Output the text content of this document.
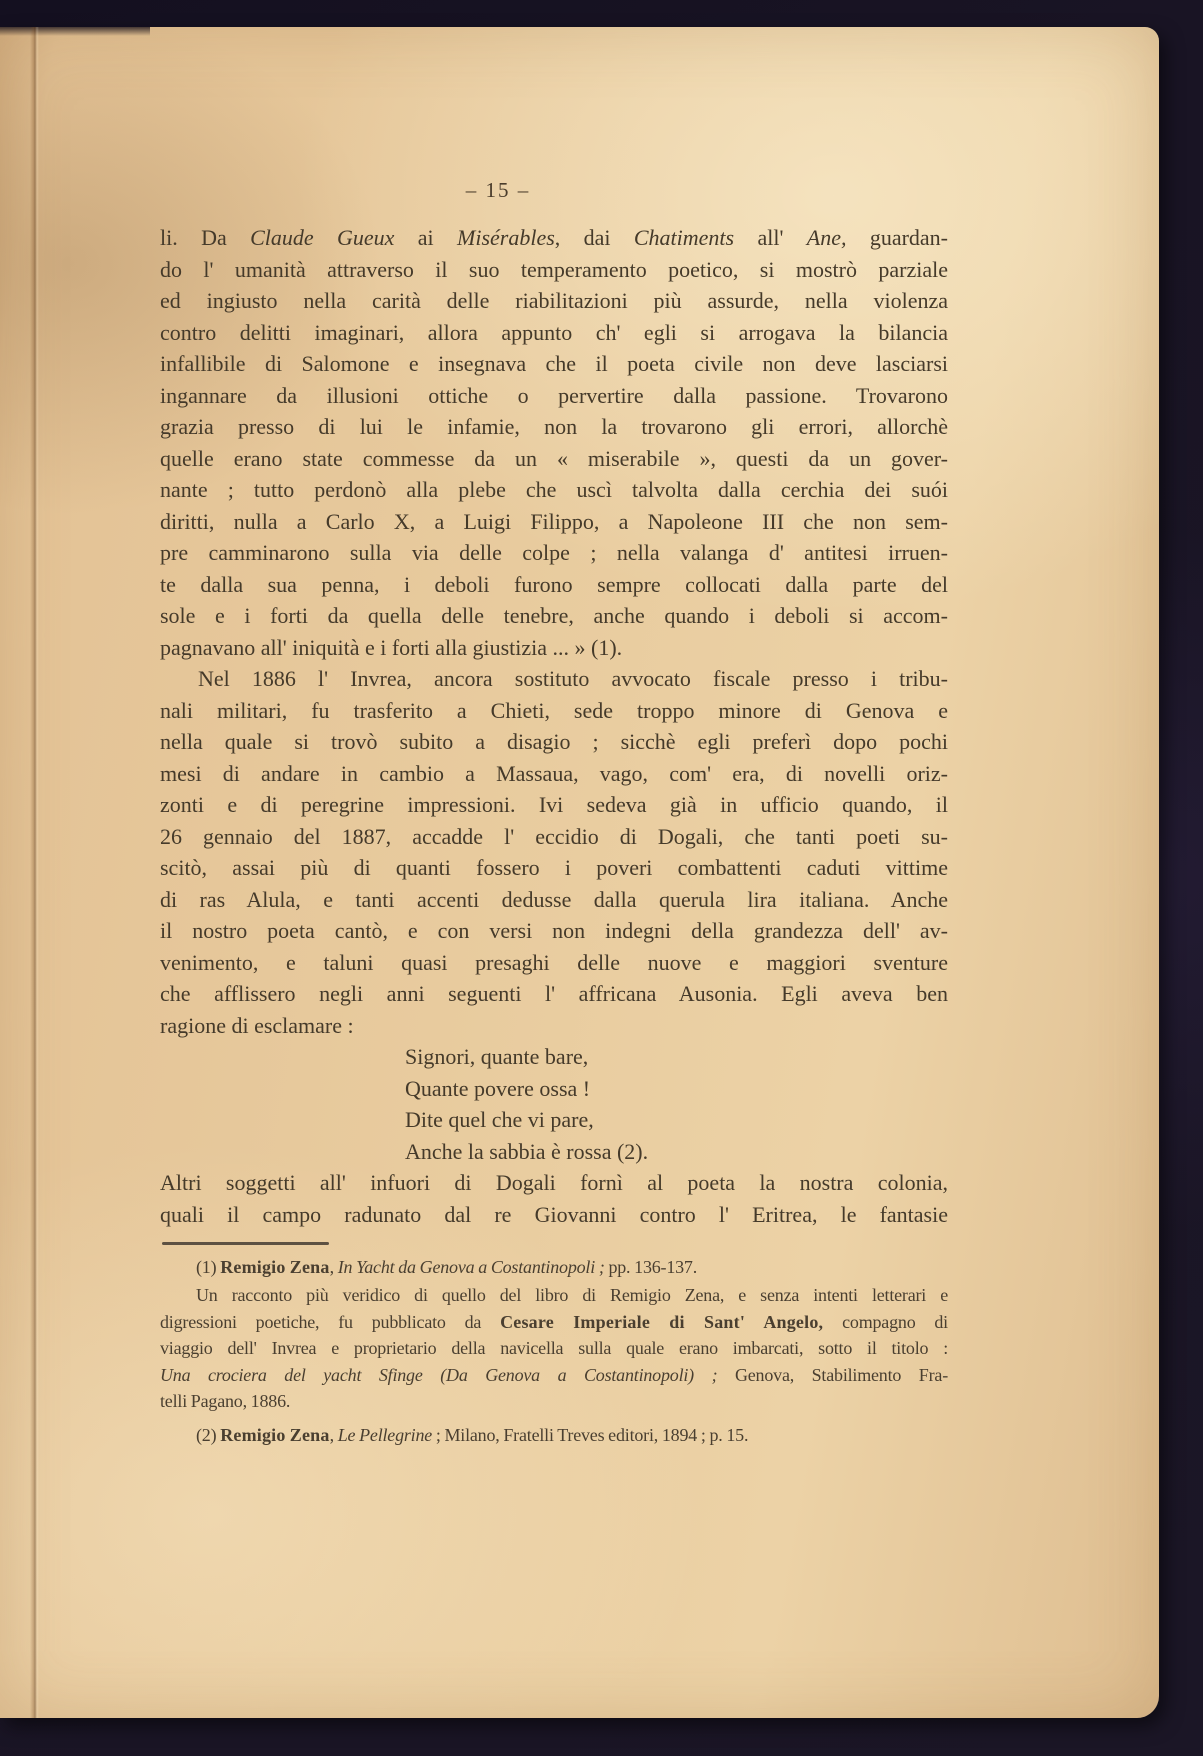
– 15 –
li. Da Claude Gueux ai Misérables, dai Chatiments all' Ane, guardan-
do l' umanità attraverso il suo temperamento poetico, si mostrò parziale
ed ingiusto nella carità delle riabilitazioni più assurde, nella violenza
contro delitti imaginari, allora appunto ch' egli si arrogava la bilancia
infallibile di Salomone e insegnava che il poeta civile non deve lasciarsi
ingannare da illusioni ottiche o pervertire dalla passione. Trovarono
grazia presso di lui le infamie, non la trovarono gli errori, allorchè
quelle erano state commesse da un « miserabile », questi da un gover-
nante ; tutto perdonò alla plebe che uscì talvolta dalla cerchia dei suói
diritti, nulla a Carlo X, a Luigi Filippo, a Napoleone III che non sem-
pre camminarono sulla via delle colpe ; nella valanga d' antitesi irruen-
te dalla sua penna, i deboli furono sempre collocati dalla parte del
sole e i forti da quella delle tenebre, anche quando i deboli si accom-
pagnavano all' iniquità e i forti alla giustizia ... » (1).
Nel 1886 l' Invrea, ancora sostituto avvocato fiscale presso i tribu-
nali militari, fu trasferito a Chieti, sede troppo minore di Genova e
nella quale si trovò subito a disagio ; sicchè egli preferì dopo pochi
mesi di andare in cambio a Massaua, vago, com' era, di novelli oriz-
zonti e di peregrine impressioni. Ivi sedeva già in ufficio quando, il
26 gennaio del 1887, accadde l' eccidio di Dogali, che tanti poeti su-
scitò, assai più di quanti fossero i poveri combattenti caduti vittime
di ras Alula, e tanti accenti dedusse dalla querula lira italiana. Anche
il nostro poeta cantò, e con versi non indegni della grandezza dell' av-
venimento, e taluni quasi presaghi delle nuove e maggiori sventure
che afflissero negli anni seguenti l' affricana Ausonia. Egli aveva ben
ragione di esclamare :
Signori, quante bare,
Quante povere ossa !
Dite quel che vi pare,
Anche la sabbia è rossa (2).
Altri soggetti all' infuori di Dogali fornì al poeta la nostra colonia,
quali il campo radunato dal re Giovanni contro l' Eritrea, le fantasie
(1) Remigio Zena, In Yacht da Genova a Costantinopoli ; pp. 136-137.
Un racconto più veridico di quello del libro di Remigio Zena, e senza intenti letterari e
digressioni poetiche, fu pubblicato da Cesare Imperiale di Sant' Angelo, compagno di
viaggio dell' Invrea e proprietario della navicella sulla quale erano imbarcati, sotto il titolo :
Una crociera del yacht Sfinge (Da Genova a Costantinopoli) ; Genova, Stabilimento Fra-
telli Pagano, 1886.
(2) Remigio Zena, Le Pellegrine ; Milano, Fratelli Treves editori, 1894 ; p. 15.
